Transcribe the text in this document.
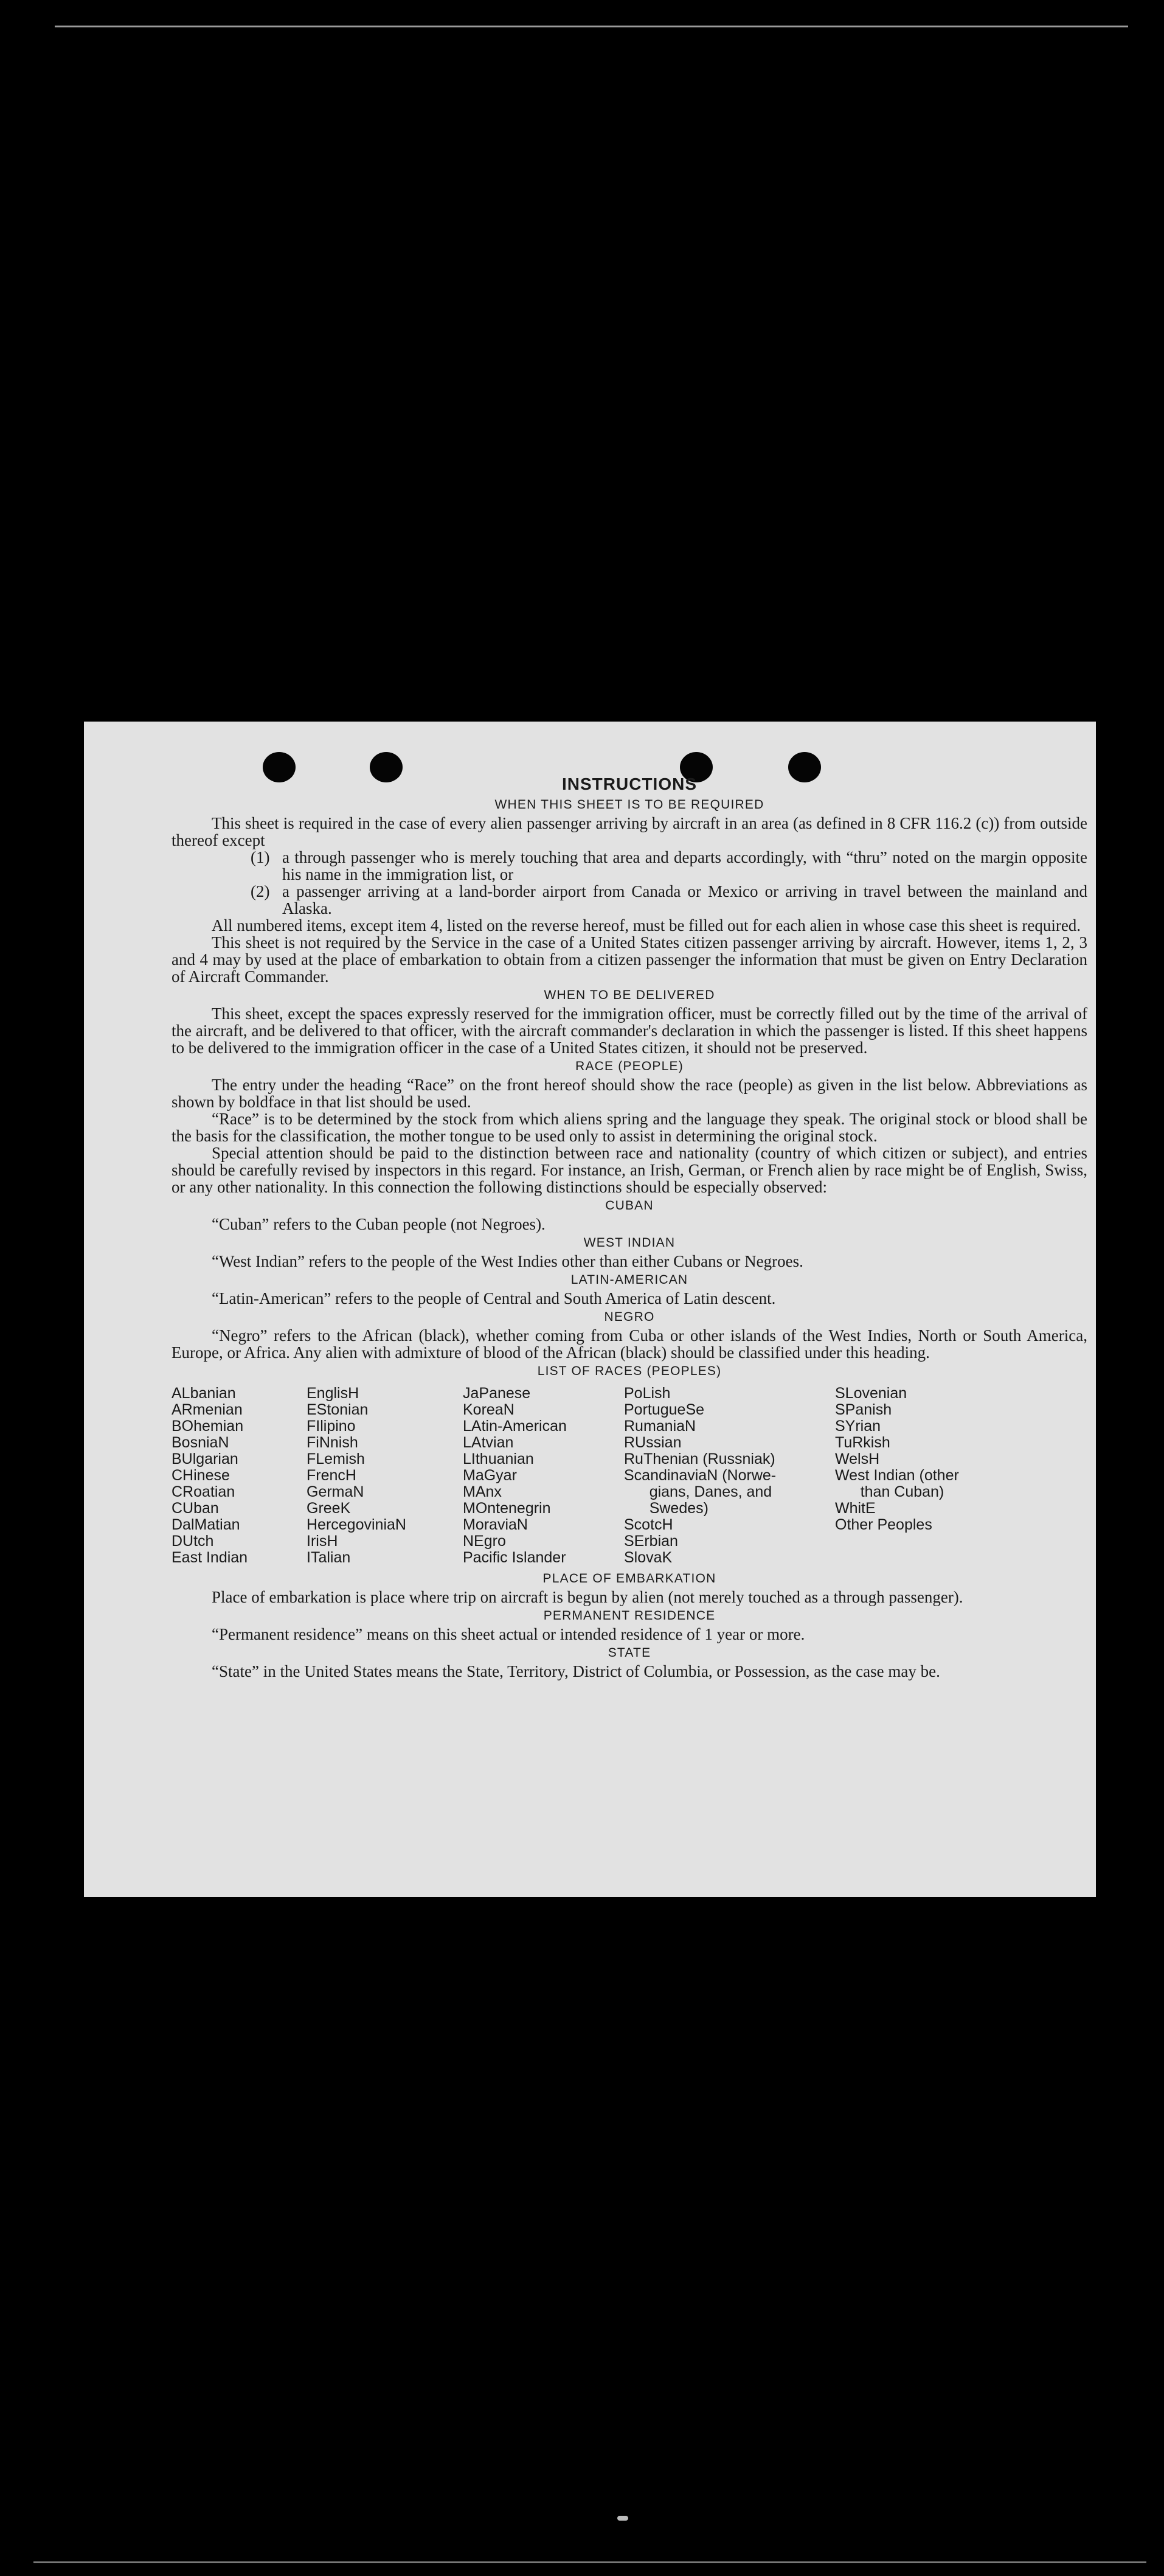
INSTRUCTIONS
WHEN THIS SHEET IS TO BE REQUIRED

This sheet is required in the case of every alien passenger arriving by aircraft in an area (as defined in 8 CFR 116.2 (c)) from outside thereof except

(1) a through passenger who is merely touching that area and departs accordingly, with “thru” noted on the margin opposite his name in the immigration list, or
(2) a passenger arriving at a land-border airport from Canada or Mexico or arriving in travel between the mainland and Alaska.

All numbered items, except item 4, listed on the reverse hereof, must be filled out for each alien in whose case this sheet is required.

This sheet is not required by the Service in the case of a United States citizen passenger arriving by aircraft. However, items 1, 2, 3 and 4 may by used at the place of embarkation to obtain from a citizen passenger the information that must be given on Entry Declaration of Aircraft Commander.

WHEN TO BE DELIVERED

This sheet, except the spaces expressly reserved for the immigration officer, must be correctly filled out by the time of the arrival of the aircraft, and be delivered to that officer, with the aircraft commander's declaration in which the passenger is listed. If this sheet happens to be delivered to the immigration officer in the case of a United States citizen, it should not be preserved.

RACE (PEOPLE)

The entry under the heading “Race” on the front hereof should show the race (people) as given in the list below. Abbreviations as shown by boldface in that list should be used.

“Race” is to be determined by the stock from which aliens spring and the language they speak. The original stock or blood shall be the basis for the classification, the mother tongue to be used only to assist in determining the original stock.

Special attention should be paid to the distinction between race and nationality (country of which citizen or subject), and entries should be carefully revised by inspectors in this regard. For instance, an Irish, German, or French alien by race might be of English, Swiss, or any other nationality. In this connection the following distinctions should be especially observed:

CUBAN

“Cuban” refers to the Cuban people (not Negroes).

WEST INDIAN

“West Indian” refers to the people of the West Indies other than either Cubans or Negroes.

LATIN-AMERICAN

“Latin-American” refers to the people of Central and South America of Latin descent.

NEGRO

“Negro” refers to the African (black), whether coming from Cuba or other islands of the West Indies, North or South America, Europe, or Africa. Any alien with admixture of blood of the African (black) should be classified under this heading.

LIST OF RACES (PEOPLES)
ALbanian
ARmenian
BOhemian
BosniaN
BUlgarian
CHinese
CRoatian
CUban
DalMatian
DUtch
East Indian
EnglisH
EStonian
FIlipino
FiNnish
FLemish
FrencH
GermaN
GreeK
HercegoviniaN
IrisH
ITalian
JaPanese
KoreaN
LAtin-American
LAtvian
LIthuanian
MaGyar
MAnx
MOntenegrin
MoraviaN
NEgro
Pacific Islander
PoLish
PortugueSe
RumaniaN
RUssian
RuThenian (Russniak)
ScandinaviaN (Norwe-
gians, Danes, and
Swedes)
ScotcH
SErbian
SlovaK
SLovenian
SPanish
SYrian
TuRkish
WelsH
West Indian (other
than Cuban)
WhitE
Other Peoples
PLACE OF EMBARKATION

Place of embarkation is place where trip on aircraft is begun by alien (not merely touched as a through passenger).

PERMANENT RESIDENCE

“Permanent residence” means on this sheet actual or intended residence of 1 year or more.

STATE

“State” in the United States means the State, Territory, District of Columbia, or Possession, as the case may be.
